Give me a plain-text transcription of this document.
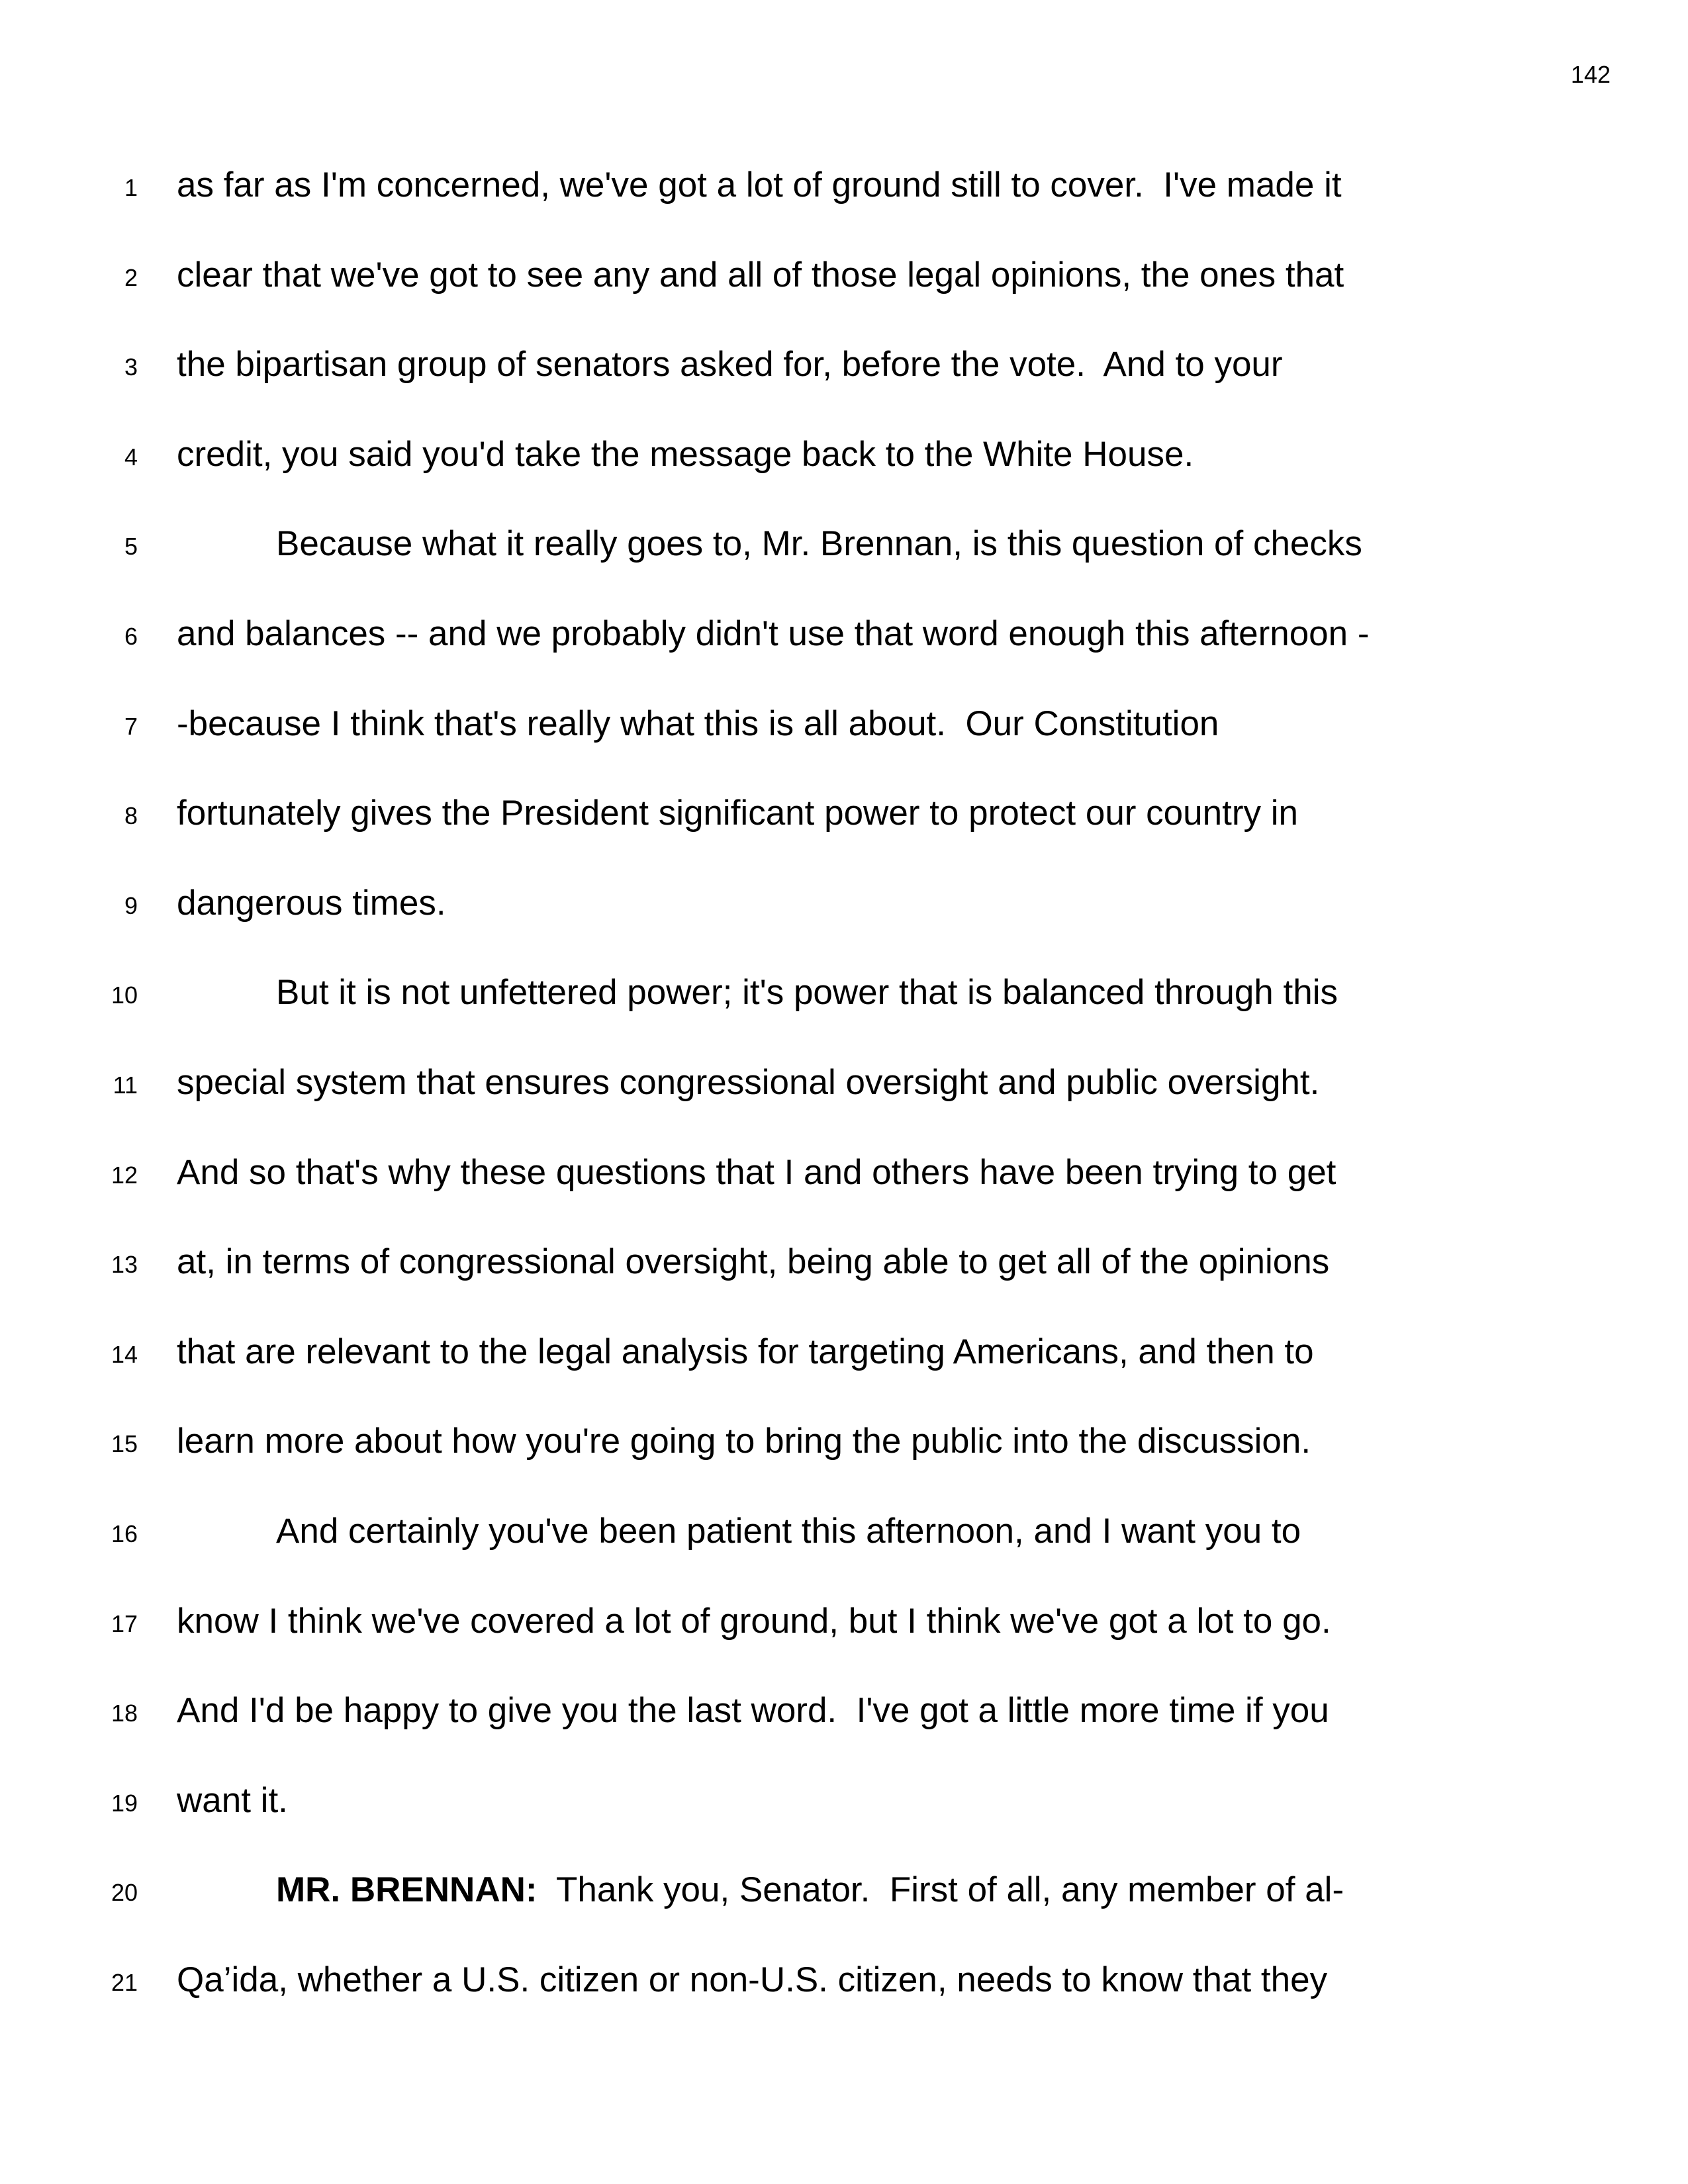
142
1 as far as I'm concerned, we've got a lot of ground still to cover.  I've made it
2 clear that we've got to see any and all of those legal opinions, the ones that
3 the bipartisan group of senators asked for, before the vote.  And to your
4 credit, you said you'd take the message back to the White House.
5	Because what it really goes to, Mr. Brennan, is this question of checks
6 and balances -- and we probably didn't use that word enough this afternoon -
7 -because I think that's really what this is all about.  Our Constitution
8 fortunately gives the President significant power to protect our country in
9 dangerous times.
10	But it is not unfettered power; it's power that is balanced through this
11 special system that ensures congressional oversight and public oversight.
12 And so that's why these questions that I and others have been trying to get
13 at, in terms of congressional oversight, being able to get all of the opinions
14 that are relevant to the legal analysis for targeting Americans, and then to
15 learn more about how you're going to bring the public into the discussion.
16	And certainly you've been patient this afternoon, and I want you to
17 know I think we've covered a lot of ground, but I think we've got a lot to go.
18 And I'd be happy to give you the last word.  I've got a little more time if you
19 want it.
20	MR. BRENNAN:  Thank you, Senator.  First of all, any member of al-
21 Qa’ida, whether a U.S. citizen or non-U.S. citizen, needs to know that they
